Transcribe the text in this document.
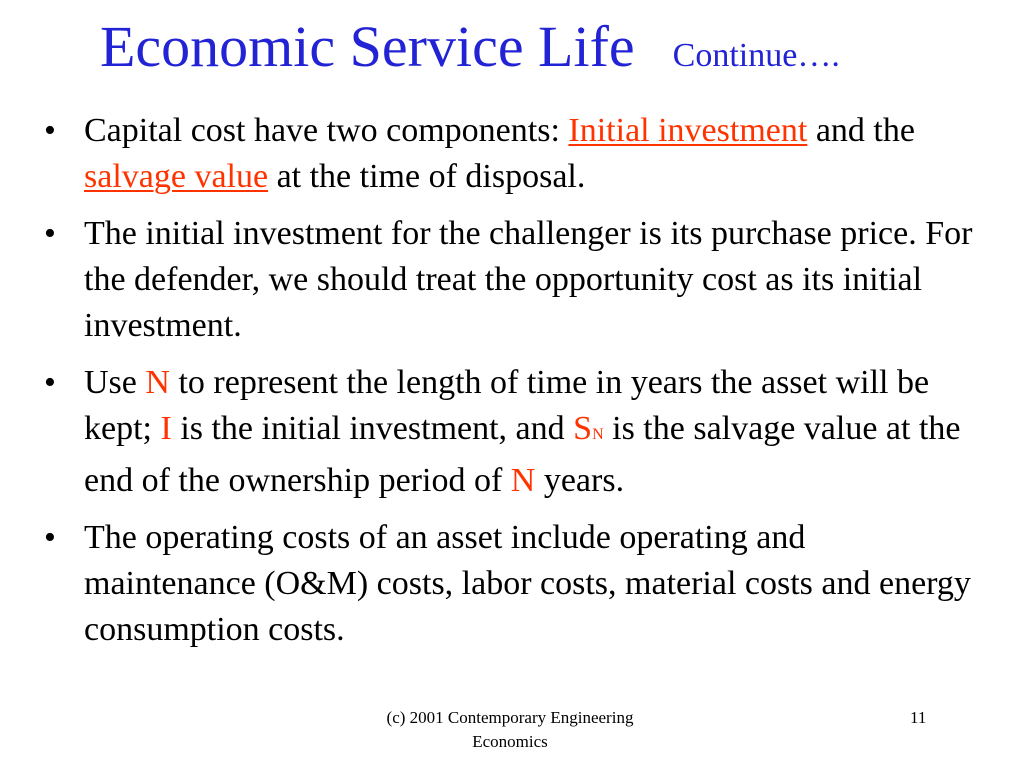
Economic Service Life Continue….
• Capital cost have two components: Initial investment and the salvage value at the time of disposal.
• The initial investment for the challenger is its purchase price. For the defender, we should treat the opportunity cost as its initial investment.
• Use N to represent the length of time in years the asset will be kept; I is the initial investment, and SN is the salvage value at the end of the ownership period of N years.
• The operating costs of an asset include operating and maintenance (O&M) costs, labor costs, material costs and energy consumption costs.
(c) 2001 Contemporary Engineering Economics
11
